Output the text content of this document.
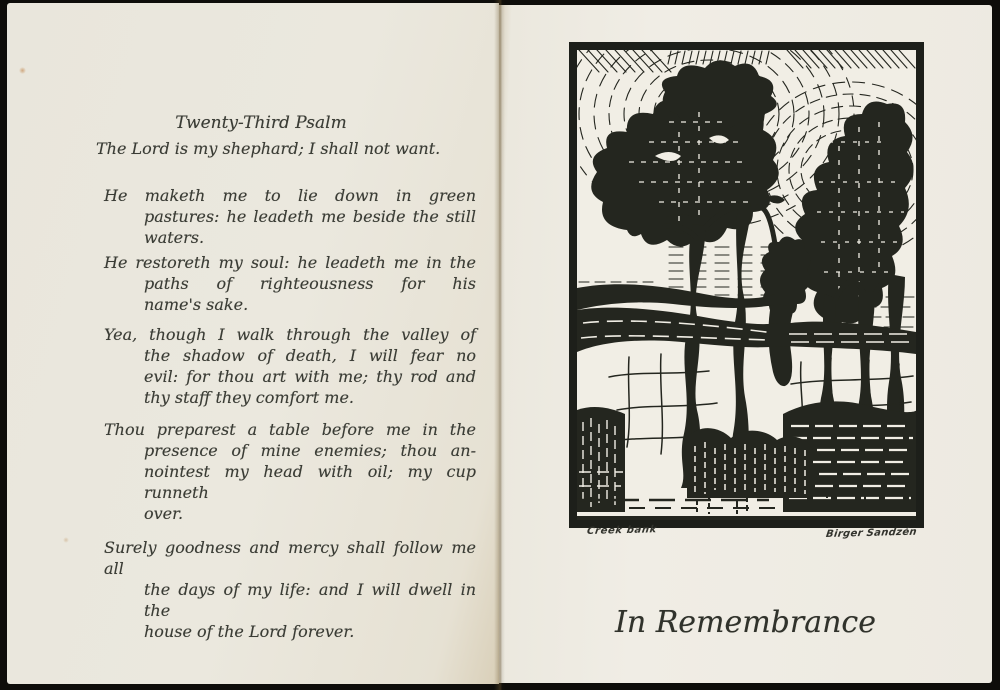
Twenty-Third Psalm
The Lord is my shephard; I shall not want.
He maketh me to lie down in green
pastures: he leadeth me beside the still
waters.
He restoreth my soul: he leadeth me in the
paths of righteousness for his
name's sake.
Yea, though I walk through the valley of
the shadow of death, I will fear no
evil: for thou art with me; thy rod and
thy staff they comfort me.
Thou preparest a table before me in the
presence of mine enemies; thou an-
nointest my head with oil; my cup runneth
over.
Surely goodness and mercy shall follow me all
the days of my life: and I will dwell in the
house of the Lord forever.
Creek bank	Birger Sandzén
In Remembrance
